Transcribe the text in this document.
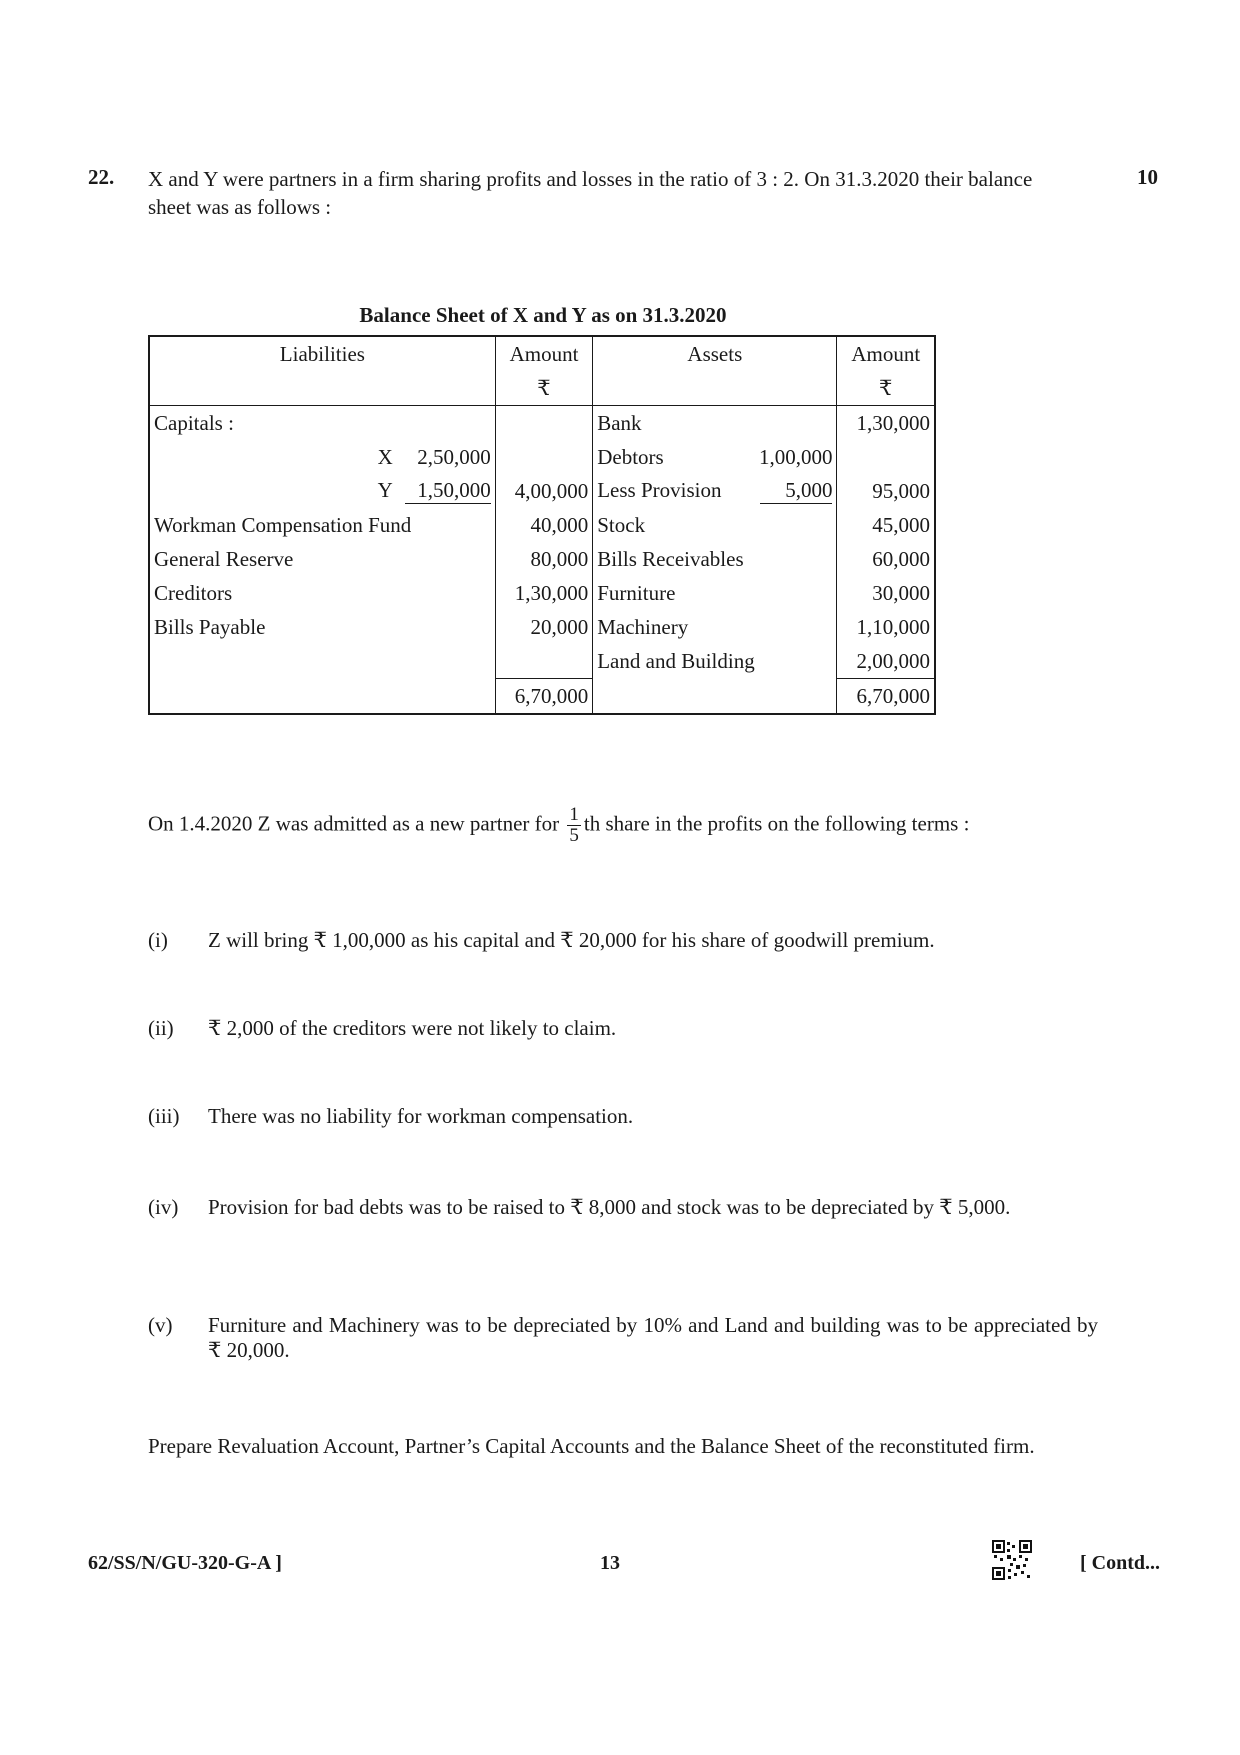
22. X and Y were partners in a firm sharing profits and losses in the ratio of 3 : 2. On 31.3.2020 their balance sheet was as follows :
10
Balance Sheet of X and Y as on 31.3.2020
Liabilities	Amount	Assets	Amount
	₹		₹
Capitals :		Bank	1,30,000

X 2,50,000		Debtors 1,00,000	

Y 1,50,000	4,00,000	Less Provision 5,000	95,000
Workman Compensation Fund	40,000	Stock	45,000
General Reserve	80,000	Bills Receivables	60,000
Creditors	1,30,000	Furniture	30,000
Bills Payable	20,000	Machinery	1,10,000
		Land and Building	2,00,000
	6,70,000		6,70,000
On 1.4.2020 Z was admitted as a new partner for $\frac{1}{5}$ th share in the profits on the following terms :
(i)	Z will bring ₹ 1,00,000 as his capital and ₹ 20,000 for his share of goodwill premium.
(ii)	₹ 2,000 of the creditors were not likely to claim.
(iii)	There was no liability for workman compensation.
(iv)	Provision for bad debts was to be raised to ₹ 8,000 and stock was to be depreciated by ₹ 5,000.
(v)	Furniture and Machinery was to be depreciated by 10% and Land and building was to be appreciated by ₹ 20,000.
Prepare Revaluation Account, Partner’s Capital Accounts and the Balance Sheet of the reconstituted firm.
62/SS/N/GU-320-G-A ]	13	[ Contd...
